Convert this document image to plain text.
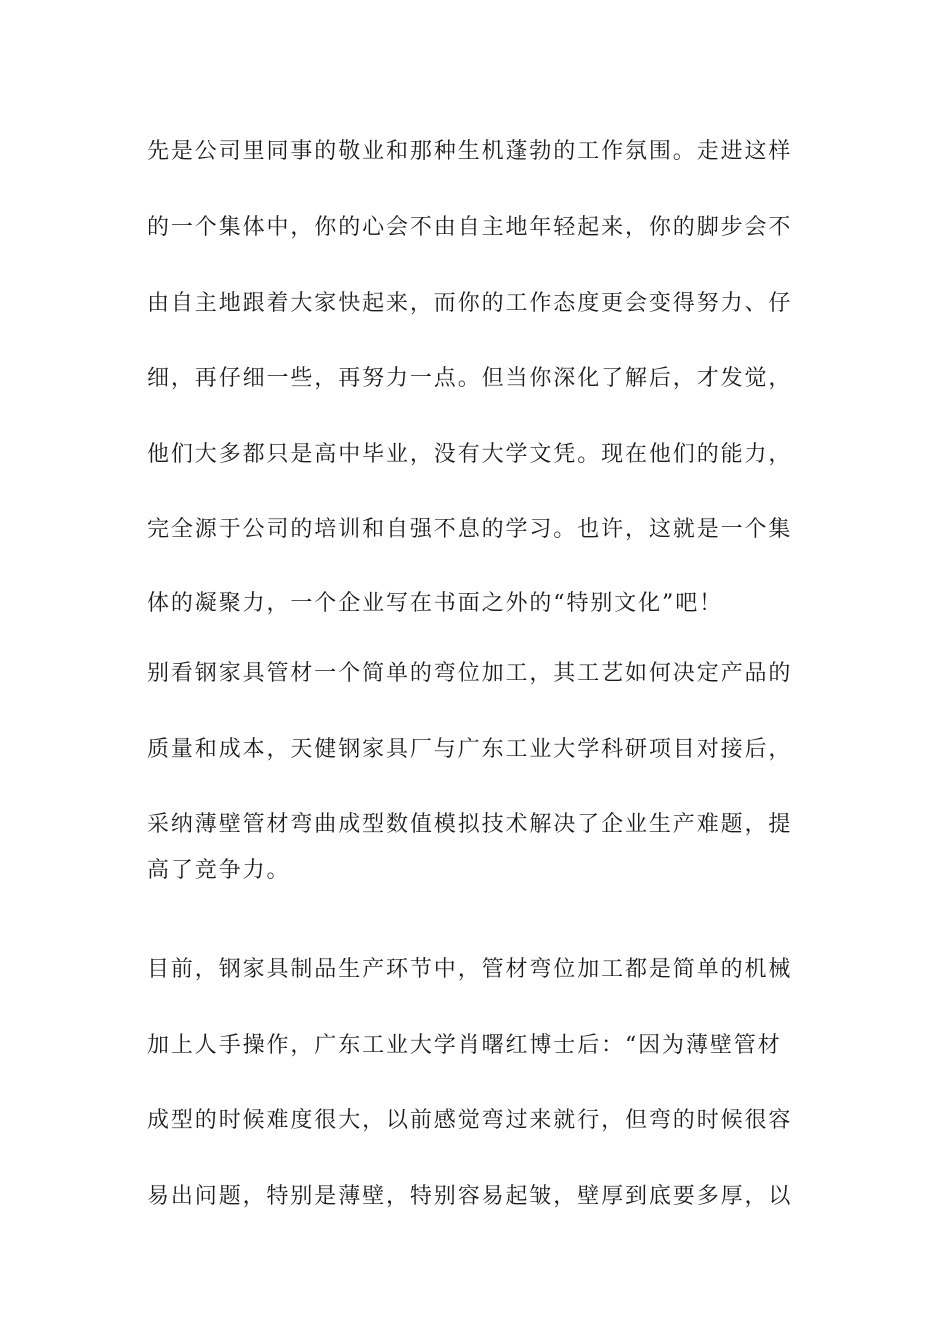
先是公司里同事的敬业和那种生机蓬勃的工作氛围。走进这样
的一个集体中，你的心会不由自主地年轻起来，你的脚步会不
由自主地跟着大家快起来，而你的工作态度更会变得努力、仔
细，再仔细一些，再努力一点。但当你深化了解后，才发觉，
他们大多都只是高中毕业，没有大学文凭。现在他们的能力，
完全源于公司的培训和自强不息的学习。也许，这就是一个集
体的凝聚力，一个企业写在书面之外的“特别文化”吧！
别看钢家具管材一个简单的弯位加工，其工艺如何决定产品的
质量和成本，天健钢家具厂与广东工业大学科研项目对接后，
采纳薄壁管材弯曲成型数值模拟技术解决了企业生产难题，提
高了竞争力。
目前，钢家具制品生产环节中，管材弯位加工都是简单的机械
加上人手操作，广东工业大学肖曙红博士后：“因为薄壁管材
成型的时候难度很大，以前感觉弯过来就行，但弯的时候很容
易出问题，特别是薄壁，特别容易起皱，壁厚到底要多厚，以
